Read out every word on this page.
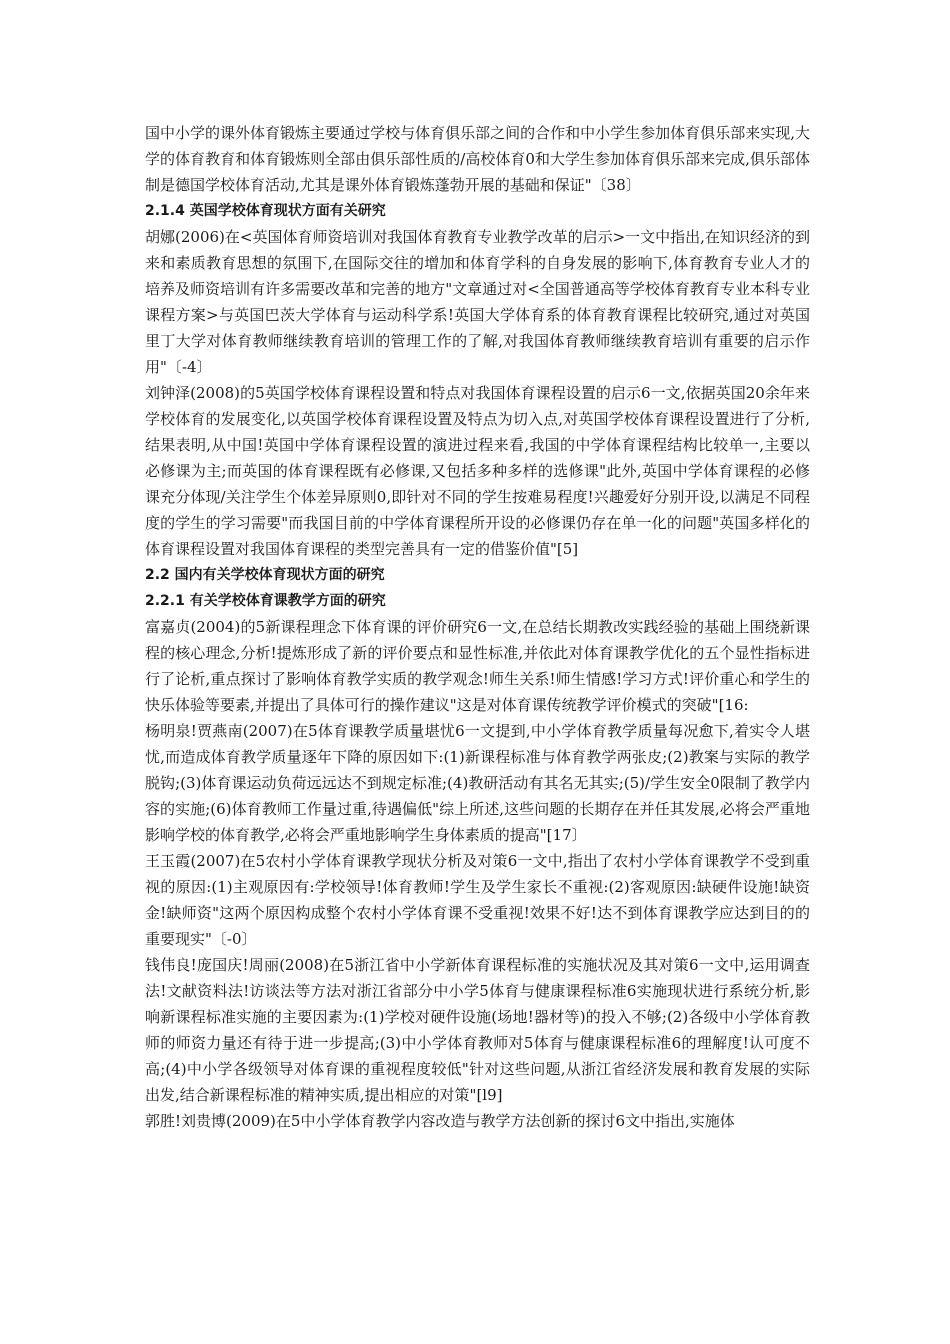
国中小学的课外体育锻炼主要通过学校与体育俱乐部之间的合作和中小学生参加体育俱乐部来实现,大学的体育教育和体育锻炼则全部由俱乐部性质的/高校体育0和大学生参加体育俱乐部来完成,俱乐部体制是德国学校体育活动,尤其是课外体育锻炼蓬勃开展的基础和保证"〔38〕

2.1.4 英国学校体育现状方面有关研究

胡娜(2006)在<英国体育师资培训对我国体育教育专业教学改革的启示>一文中指出,在知识经济的到来和素质教育思想的氛围下,在国际交往的增加和体育学科的自身发展的影响下,体育教育专业人才的培养及师资培训有许多需要改革和完善的地方"文章通过对<全国普通高等学校体育教育专业本科专业课程方案>与英国巴茨大学体育与运动科学系!英国大学体育系的体育教育课程比较研究,通过对英国里丁大学对体育教师继续教育培训的管理工作的了解,对我国体育教师继续教育培训有重要的启示作用"〔-4〕

刘钟泽(2008)的5英国学校体育课程设置和特点对我国体育课程设置的启示6一文,依据英国20余年来学校体育的发展变化,以英国学校体育课程设置及特点为切入点,对英国学校体育课程设置进行了分析,结果表明,从中国!英国中学体育课程设置的演进过程来看,我国的中学体育课程结构比较单一,主要以必修课为主;而英国的体育课程既有必修课,又包括多种多样的选修课"此外,英国中学体育课程的必修课充分体现/关注学生个体差异原则0,即针对不同的学生按难易程度!兴趣爱好分别开设,以满足不同程度的学生的学习需要"而我国目前的中学体育课程所开设的必修课仍存在单一化的问题"英国多样化的体育课程设置对我国体育课程的类型完善具有一定的借鉴价值"[5]

2.2 国内有关学校体育现状方面的研究

2.2.1 有关学校体育课教学方面的研究

富嘉贞(2004)的5新课程理念下体育课的评价研究6一文,在总结长期教改实践经验的基础上围绕新课程的核心理念,分析!提炼形成了新的评价要点和显性标准,并依此对体育课教学优化的五个显性指标进行了论析,重点探讨了影响体育教学实质的教学观念!师生关系!师生情感!学习方式!评价重心和学生的快乐体验等要素,并提出了具体可行的操作建议"这是对体育课传统教学评价模式的突破"[16:

杨明泉!贾燕南(2007)在5体育课教学质量堪忧6一文提到,中小学体育教学质量每况愈下,着实令人堪忧,而造成体育教学质量逐年下降的原因如下:(1)新课程标准与体育教学两张皮;(2)教案与实际的教学脱钩;(3)体育课运动负荷远远达不到规定标准;(4)教研活动有其名无其实;(5)/学生安全0限制了教学内容的实施;(6)体育教师工作量过重,待遇偏低"综上所述,这些问题的长期存在并任其发展,必将会严重地影响学校的体育教学,必将会严重地影响学生身体素质的提高"[17〕

王玉霞(2007)在5农村小学体育课教学现状分析及对策6一文中,指出了农村小学体育课教学不受到重视的原因:(1)主观原因有:学校领导!体育教师!学生及学生家长不重视:(2)客观原因:缺硬件设施!缺资金!缺师资"这两个原因构成整个农村小学体育课不受重视!效果不好!达不到体育课教学应达到目的的重要现实"〔-0〕

钱伟良!庞国庆!周丽(2008)在5浙江省中小学新体育课程标准的实施状况及其对策6一文中,运用调查法!文献资料法!访谈法等方法对浙江省部分中小学5体育与健康课程标准6实施现状进行系统分析,影响新课程标准实施的主要因素为:(1)学校对硬件设施(场地!器材等)的投入不够;(2)各级中小学体育教师的师资力量还有待于进一步提高;(3)中小学体育教师对5体育与健康课程标准6的理解度!认可度不高;(4)中小学各级领导对体育课的重视程度较低"针对这些问题,从浙江省经济发展和教育发展的实际出发,结合新课程标准的精神实质,提出相应的对策"[l9]

郭胜!刘贵博(2009)在5中小学体育教学内容改造与教学方法创新的探讨6文中指出,实施体
